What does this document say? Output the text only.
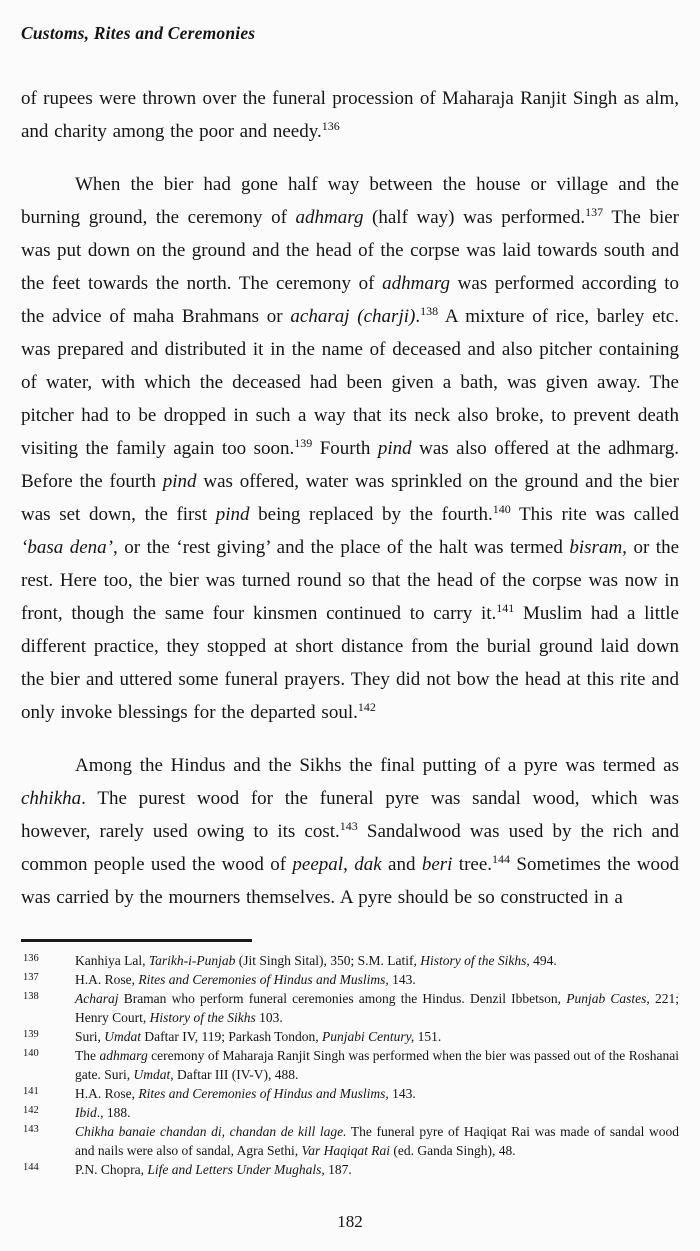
Customs, Rites and Ceremonies

of rupees were thrown over the funeral procession of Maharaja Ranjit Singh as alm, and charity among the poor and needy.$^{136}$

When the bier had gone half way between the house or village and the burning ground, the ceremony of adhmarg (half way) was performed.$^{137}$ The bier was put down on the ground and the head of the corpse was laid towards south and the feet towards the north. The ceremony of adhmarg was performed according to the advice of maha Brahmans or acharaj (charji).$^{138}$ A mixture of rice, barley etc. was prepared and distributed it in the name of deceased and also pitcher containing of water, with which the deceased had been given a bath, was given away. The pitcher had to be dropped in such a way that its neck also broke, to prevent death visiting the family again too soon.$^{139}$ Fourth pind was also offered at the adhmarg. Before the fourth pind was offered, water was sprinkled on the ground and the bier was set down, the first pind being replaced by the fourth.$^{140}$ This rite was called ‘basa dena’, or the ‘rest giving’ and the place of the halt was termed bisram, or the rest. Here too, the bier was turned round so that the head of the corpse was now in front, though the same four kinsmen continued to carry it.$^{141}$ Muslim had a little different practice, they stopped at short distance from the burial ground laid down the bier and uttered some funeral prayers. They did not bow the head at this rite and only invoke blessings for the departed soul.$^{142}$

Among the Hindus and the Sikhs the final putting of a pyre was termed as chhikha. The purest wood for the funeral pyre was sandal wood, which was however, rarely used owing to its cost.$^{143}$ Sandalwood was used by the rich and common people used the wood of peepal, dak and beri tree.$^{144}$ Sometimes the wood was carried by the mourners themselves. A pyre should be so constructed in a

136	Kanhiya Lal, Tarikh-i-Punjab (Jit Singh Sital), 350; S.M. Latif, History of the Sikhs, 494.
137	H.A. Rose, Rites and Ceremonies of Hindus and Muslims, 143.
138	Acharaj Braman who perform funeral ceremonies among the Hindus. Denzil Ibbetson, Punjab Castes, 221; Henry Court, History of the Sikhs 103.
139	Suri, Umdat Daftar IV, 119; Parkash Tondon, Punjabi Century, 151.
140	The adhmarg ceremony of Maharaja Ranjit Singh was performed when the bier was passed out of the Roshanai gate. Suri, Umdat, Daftar III (IV-V), 488.
141	H.A. Rose, Rites and Ceremonies of Hindus and Muslims, 143.
142	Ibid., 188.
143	Chikha banaie chandan di, chandan de kill lage. The funeral pyre of Haqiqat Rai was made of sandal wood and nails were also of sandal, Agra Sethi, Var Haqiqat Rai (ed. Ganda Singh), 48.
144	P.N. Chopra, Life and Letters Under Mughals, 187.
182
